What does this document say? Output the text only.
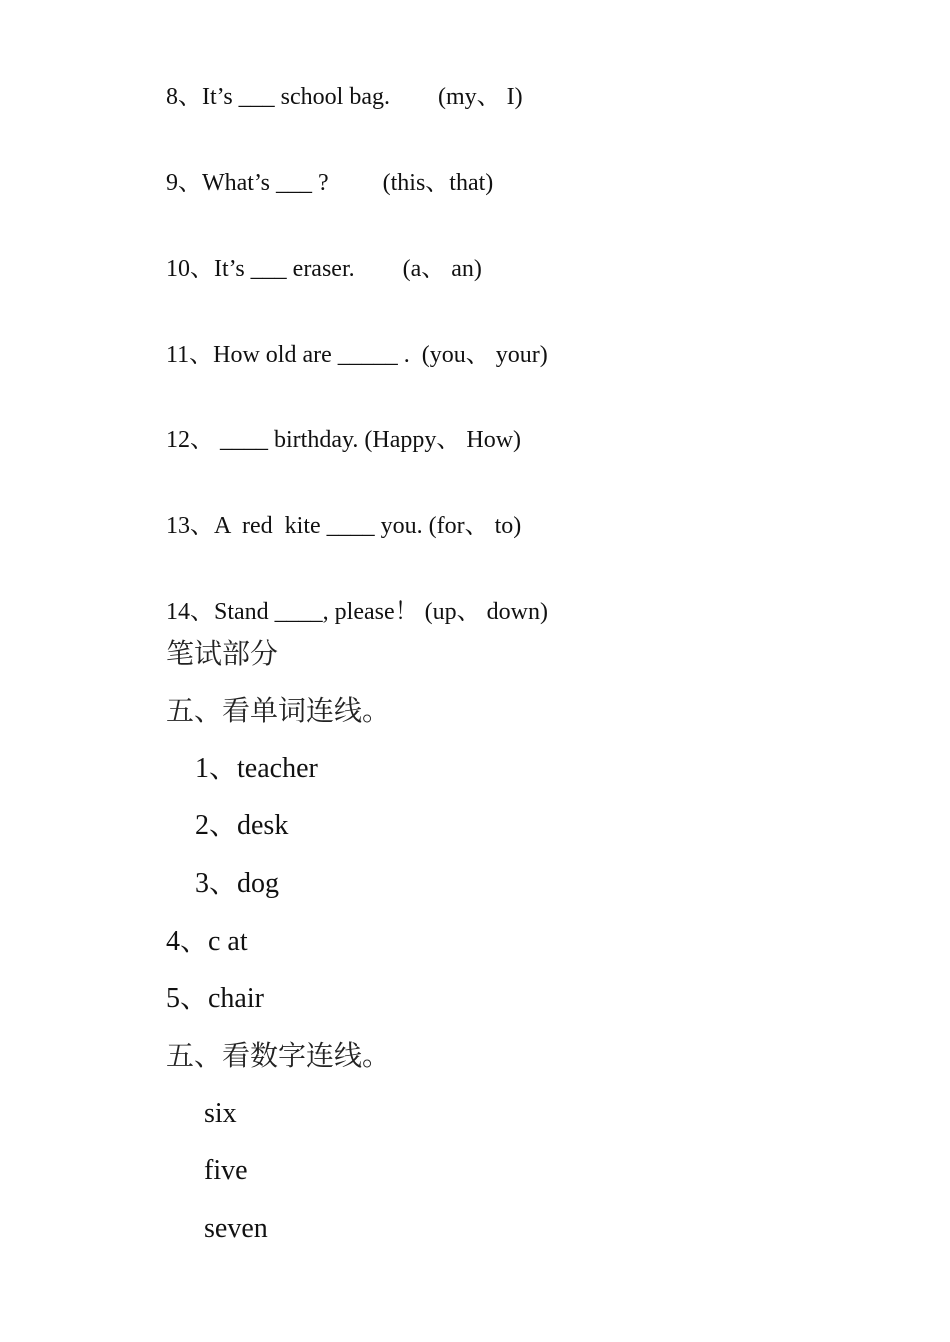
8、It’s ___ school bag.        (my、 I)
9、What’s ___ ?         (this、that)
10、It’s ___ eraser.        (a、 an)
11、How old are _____ .  (you、 your)
12、 ____ birthday. (Happy、 How)
13、A  red  kite ____ you. (for、 to)
14、Stand ____, please！ (up、 down)
笔试部分
五、看单词连线。
1、teacher
2、desk
3、dog
4、c at
5、chair
五、看数字连线。
six
five
seven
